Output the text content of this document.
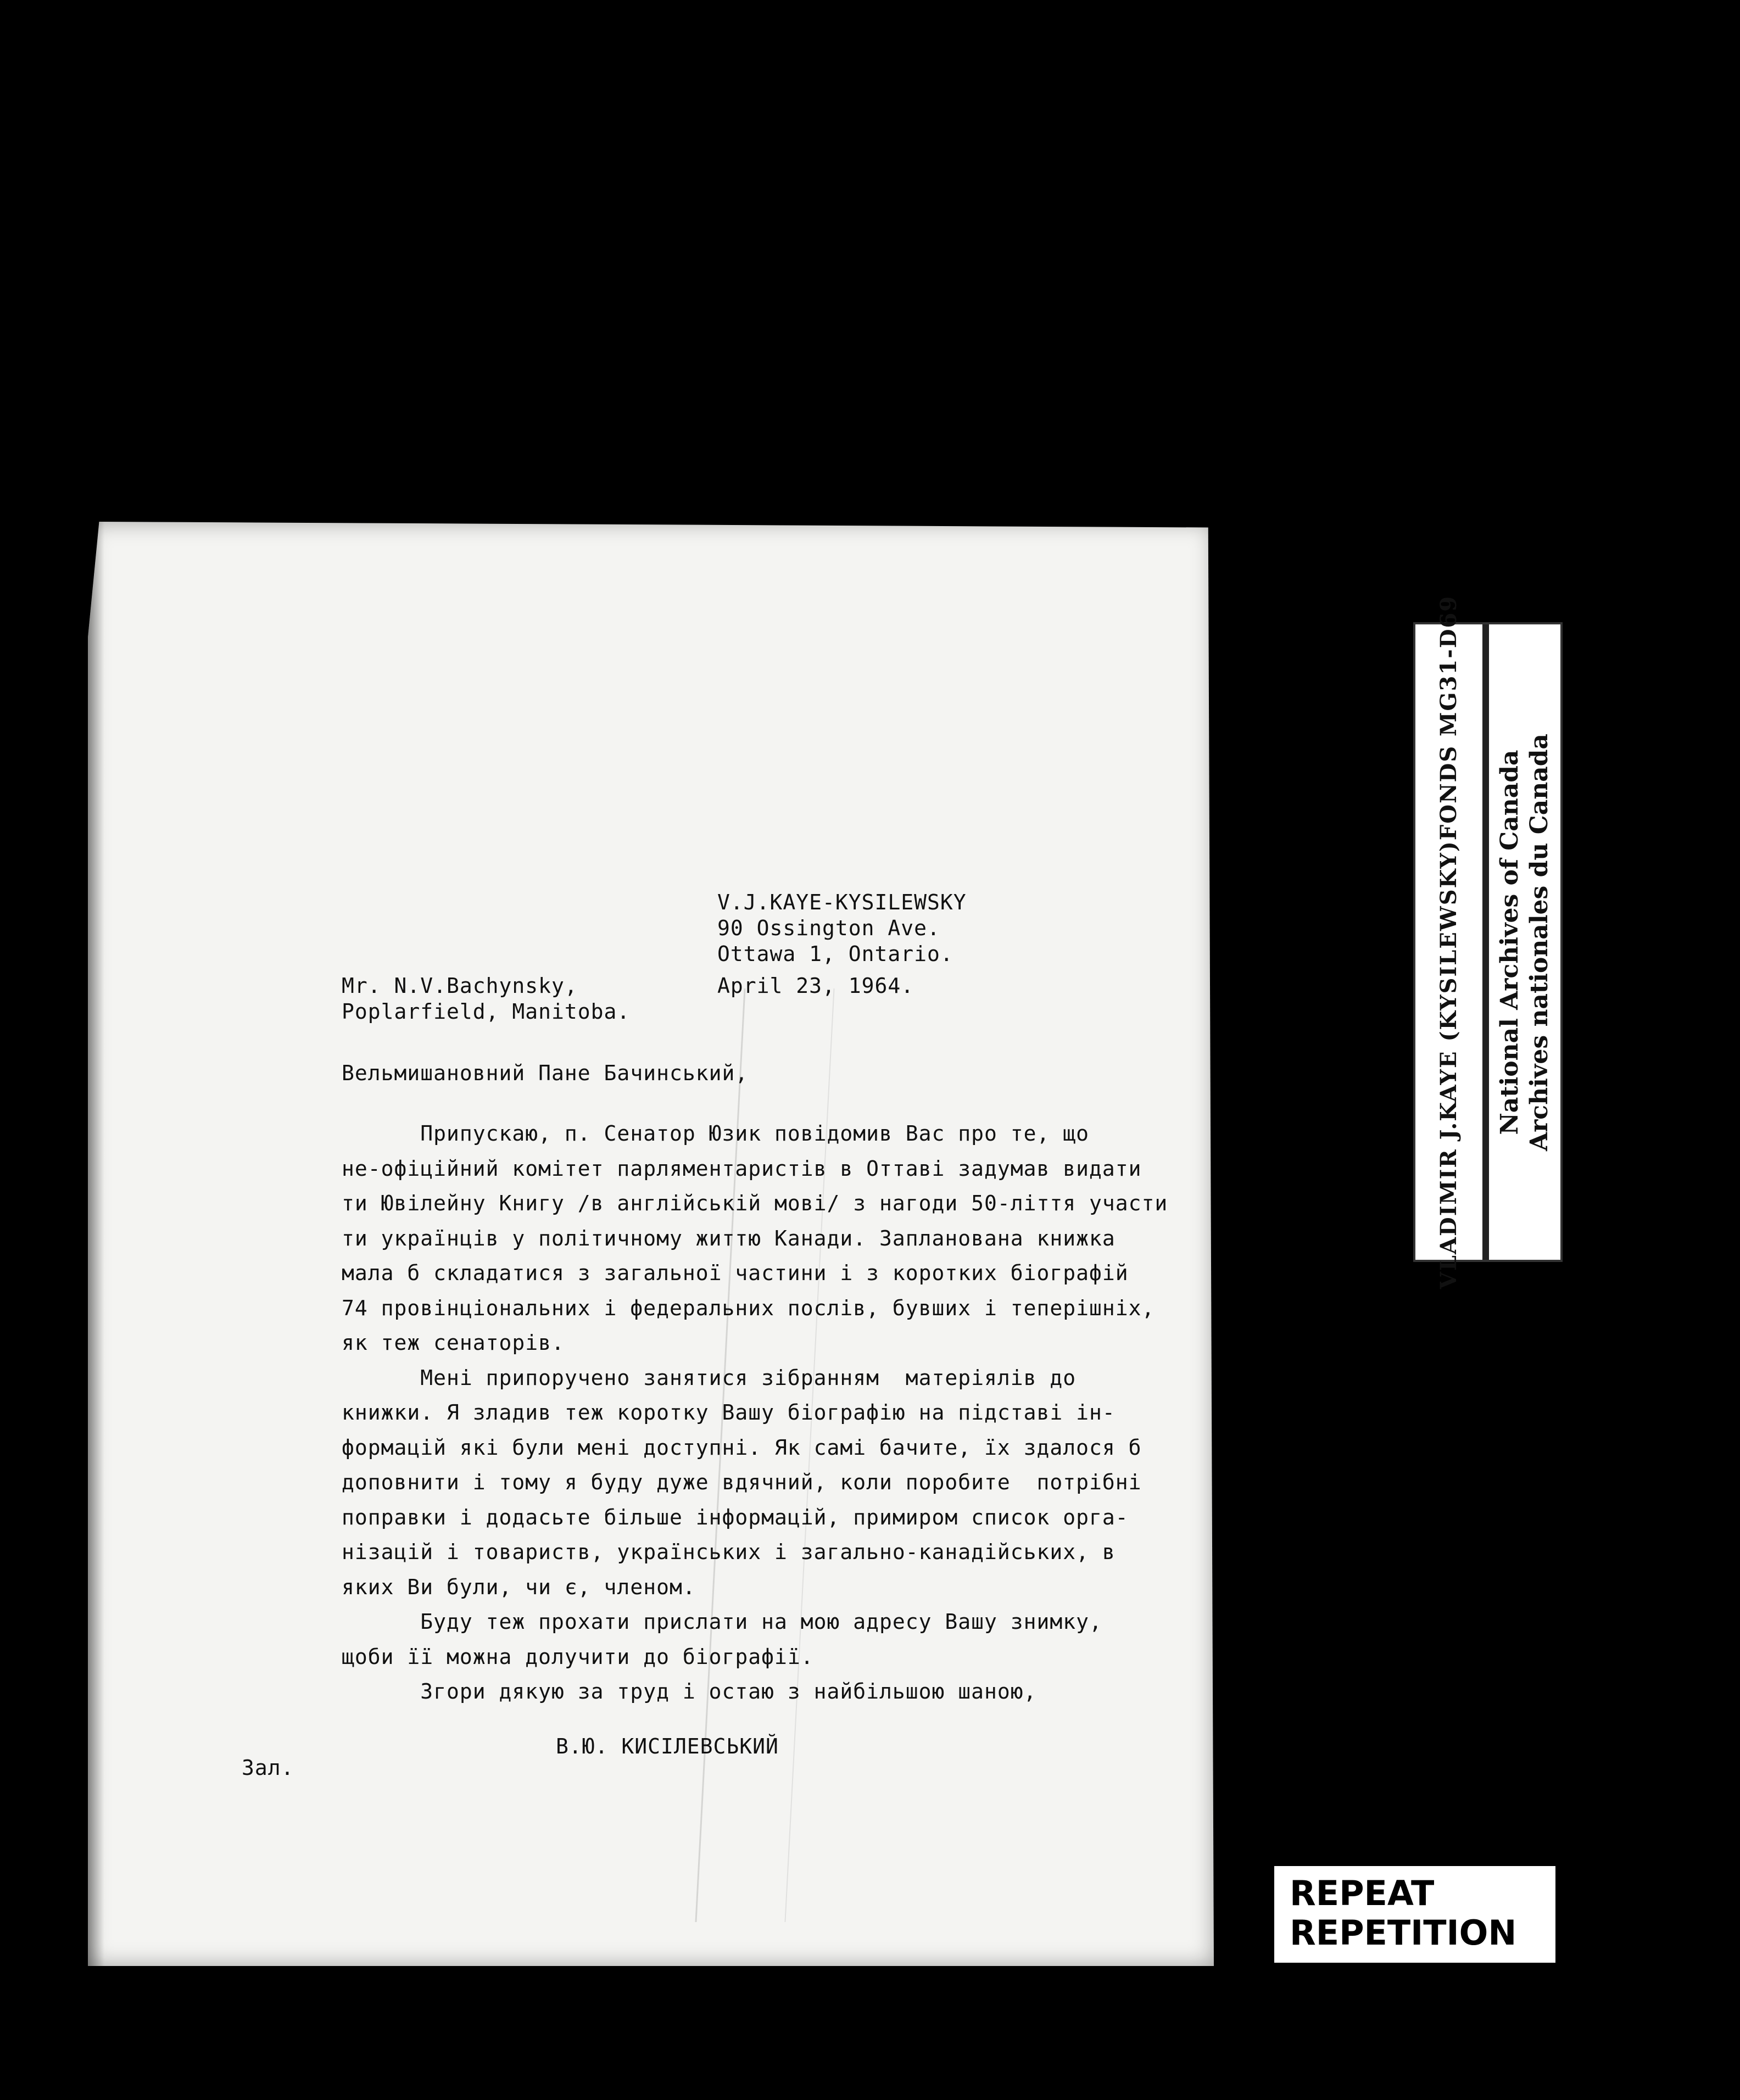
V.J.KAYE-KYSILEWSKY
90 Ossington Ave.
Ottawa 1, Ontario.
Mr. N.V.Bachynsky,
Poplarfield, Manitoba.
April 23, 1964.
Вельмишановний Пане Бачинський,
Припускаю, п. Сенатор Юзик повідомив Вас про те, що
не-офіційний комітет парляментаристів в Оттаві задумав видати
ти Ювілейну Книгу /в англійській мові/ з нагоди 50-ліття участи
ти українців у політичному життю Канади. Запланована книжка
мала б складатися з загальної частини і з коротких біографій
74 провінціональних і федеральних послів, бувших і теперішніх,
як теж сенаторів.
Мені припоручено занятися зібранням  матеріялів до
книжки. Я зладив теж коротку Вашу біографію на підставі ін-
формацій які були мені доступні. Як самі бачите, їх здалося б
доповнити і тому я буду дуже вдячний, коли поробите  потрібні
поправки і додасьте більше інформацій, примиром список орга-
нізацій і товариств, українських і загально-канадійських, в
яких Ви були, чи є, членом.
Буду теж прохати прислати на мою адресу Вашу знимку,
щоби її можна долучити до біографії.
Згори дякую за труд і остаю з найбільшою шаною,
В.Ю. КИСІЛЕВСЬКИЙ
Зал.
VLADIMIR J.KAYE (KYSILEWSKY)FONDS MG31-D69 National Archives of Canada Archives nationales du Canada
REPEAT
REPETITION
